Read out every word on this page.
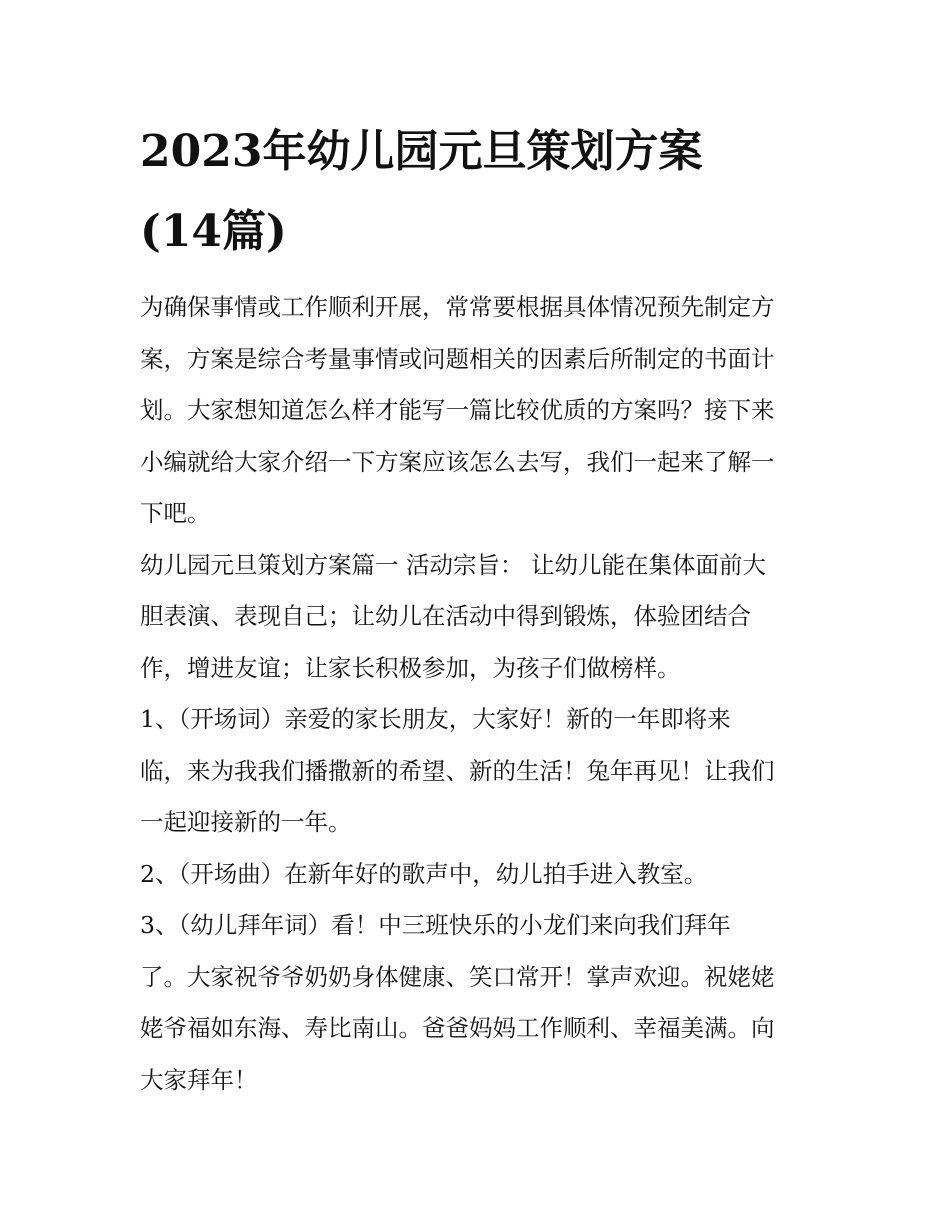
2023年幼儿园元旦策划方案
(14篇)
为确保事情或工作顺利开展，常常要根据具体情况预先制定方
案，方案是综合考量事情或问题相关的因素后所制定的书面计
划。大家想知道怎么样才能写一篇比较优质的方案吗？接下来
小编就给大家介绍一下方案应该怎么去写，我们一起来了解一
下吧。
幼儿园元旦策划方案篇一 活动宗旨： 让幼儿能在集体面前大
胆表演、表现自己；让幼儿在活动中得到锻炼，体验团结合
作，增进友谊；让家长积极参加，为孩子们做榜样。
1、（开场词）亲爱的家长朋友，大家好！新的一年即将来
临，来为我我们播撒新的希望、新的生活！兔年再见！让我们
一起迎接新的一年。
2、（开场曲）在新年好的歌声中，幼儿拍手进入教室。
3、（幼儿拜年词）看！中三班快乐的小龙们来向我们拜年
了。大家祝爷爷奶奶身体健康、笑口常开！掌声欢迎。祝姥姥
姥爷福如东海、寿比南山。爸爸妈妈工作顺利、幸福美满。向
大家拜年！
